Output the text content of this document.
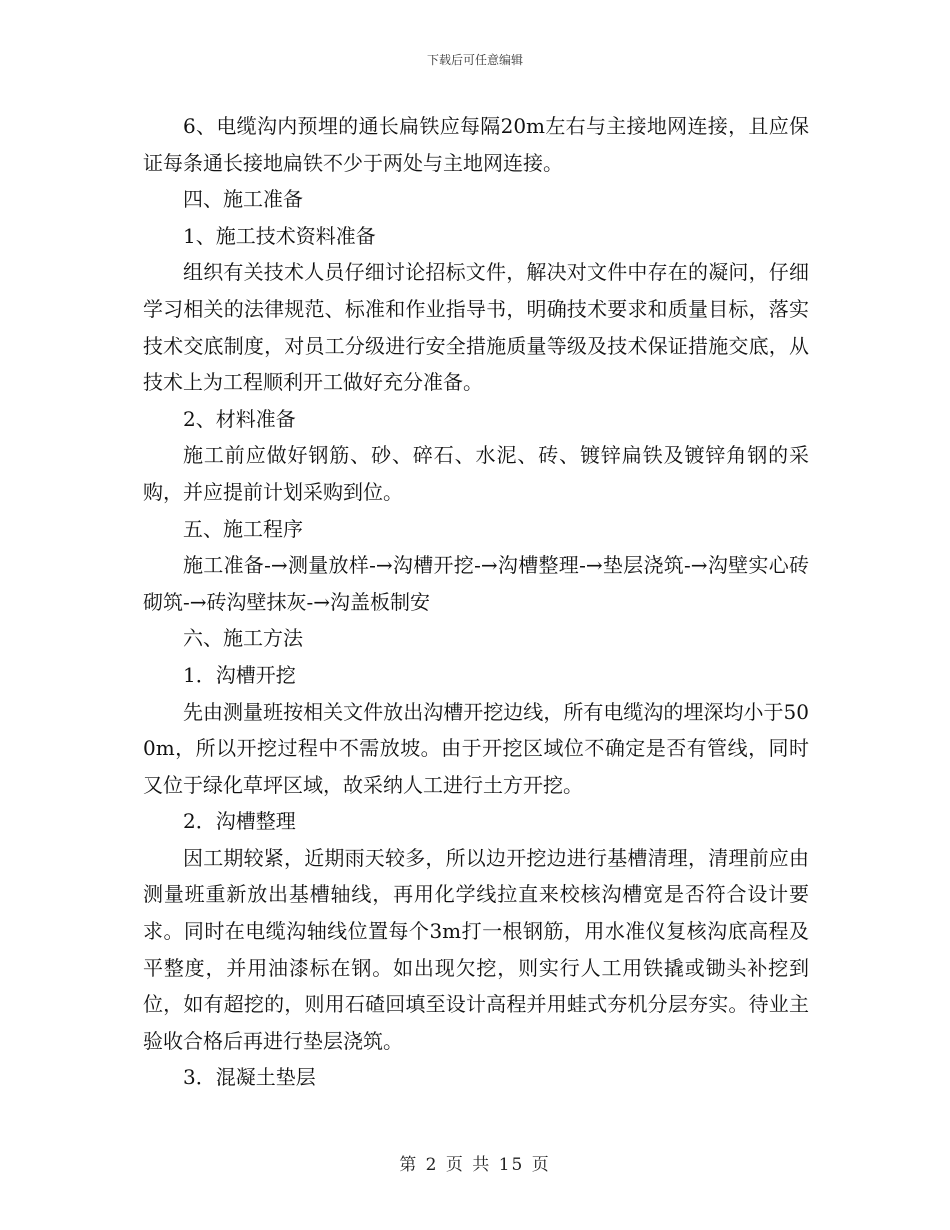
下载后可任意编辑

6、电缆沟内预埋的通长扁铁应每隔20m左右与主接地网连接，且应保证每条通长接地扁铁不少于两处与主地网连接。

四、施工准备

1、施工技术资料准备

组织有关技术人员仔细讨论招标文件，解决对文件中存在的凝问，仔细学习相关的法律规范、标准和作业指导书，明确技术要求和质量目标，落实技术交底制度，对员工分级进行安全措施质量等级及技术保证措施交底，从技术上为工程顺利开工做好充分准备。

2、材料准备

施工前应做好钢筋、砂、碎石、水泥、砖、镀锌扁铁及镀锌角钢的采购，并应提前计划采购到位。

五、施工程序

施工准备-→测量放样-→沟槽开挖-→沟槽整理-→垫层浇筑-→沟壁实心砖砌筑-→砖沟壁抹灰-→沟盖板制安

六、施工方法

1．沟槽开挖

先由测量班按相关文件放出沟槽开挖边线，所有电缆沟的埋深均小于500m，所以开挖过程中不需放坡。由于开挖区域位不确定是否有管线，同时又位于绿化草坪区域，故采纳人工进行土方开挖。

2．沟槽整理

因工期较紧，近期雨天较多，所以边开挖边进行基槽清理，清理前应由测量班重新放出基槽轴线，再用化学线拉直来校核沟槽宽是否符合设计要求。同时在电缆沟轴线位置每个3m打一根钢筋，用水准仪复核沟底高程及平整度，并用油漆标在钢。如出现欠挖，则实行人工用铁撬或锄头补挖到位，如有超挖的，则用石碴回填至设计高程并用蛙式夯机分层夯实。待业主验收合格后再进行垫层浇筑。

3．混凝土垫层

第 2 页 共 15 页
